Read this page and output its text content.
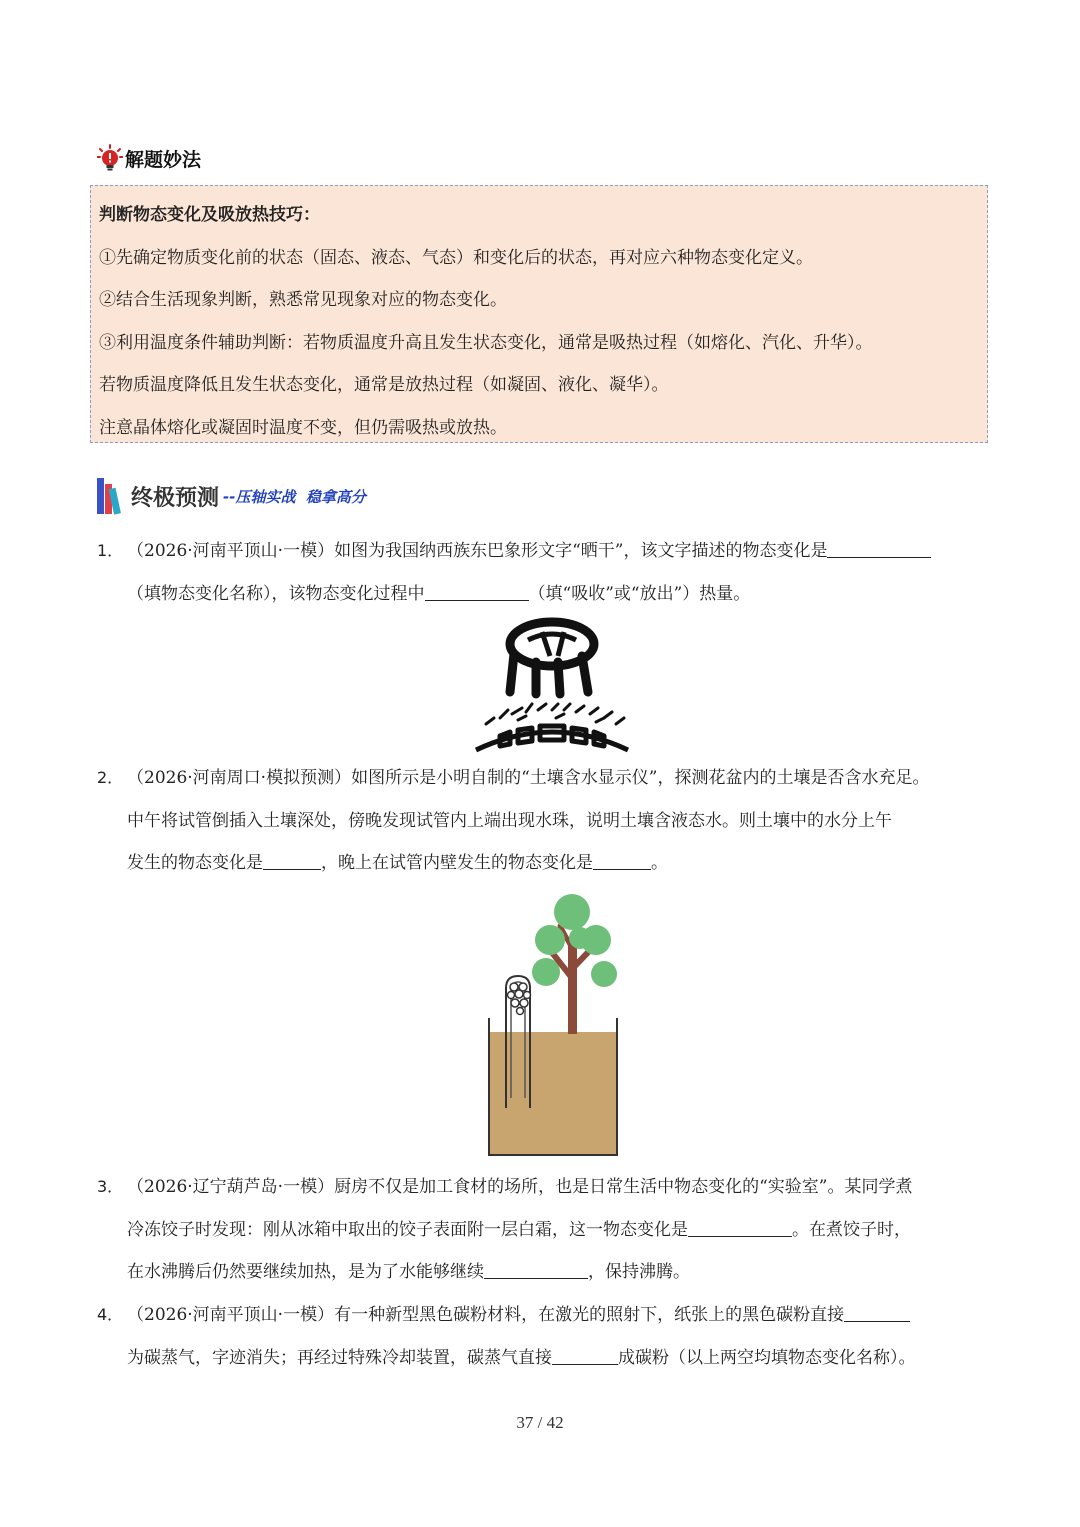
解题妙法
判断物态变化及吸放热技巧：
①先确定物质变化前的状态（固态、液态、气态）和变化后的状态，再对应六种物态变化定义。
②结合生活现象判断，熟悉常见现象对应的物态变化。
③利用温度条件辅助判断：若物质温度升高且发生状态变化，通常是吸热过程（如熔化、汽化、升华）。
若物质温度降低且发生状态变化，通常是放热过程（如凝固、液化、凝华）。
注意晶体熔化或凝固时温度不变，但仍需吸热或放热。
终极预测 --压轴实战  稳拿高分
1． （2026·河南平顶山·一模）如图为我国纳西族东巴象形文字“晒干”，该文字描述的物态变化是
（填物态变化名称），该物态变化过程中	（填“吸收”或“放出”）热量。
2． （2026·河南周口·模拟预测）如图所示是小明自制的“土壤含水显示仪”，探测花盆内的土壤是否含水充足。
中午将试管倒插入土壤深处，傍晚发现试管内上端出现水珠，说明土壤含液态水。则土壤中的水分上午
发生的物态变化是	，晚上在试管内壁发生的物态变化是	。
3． （2026·辽宁葫芦岛·一模）厨房不仅是加工食材的场所，也是日常生活中物态变化的“实验室”。某同学煮
冷冻饺子时发现：刚从冰箱中取出的饺子表面附一层白霜，这一物态变化是	。在煮饺子时，
在水沸腾后仍然要继续加热，是为了水能够继续	，保持沸腾。
4． （2026·河南平顶山·一模）有一种新型黑色碳粉材料，在激光的照射下，纸张上的黑色碳粉直接
为碳蒸气，字迹消失；再经过特殊冷却装置，碳蒸气直接	成碳粉（以上两空均填物态变化名称）。
37 / 42
